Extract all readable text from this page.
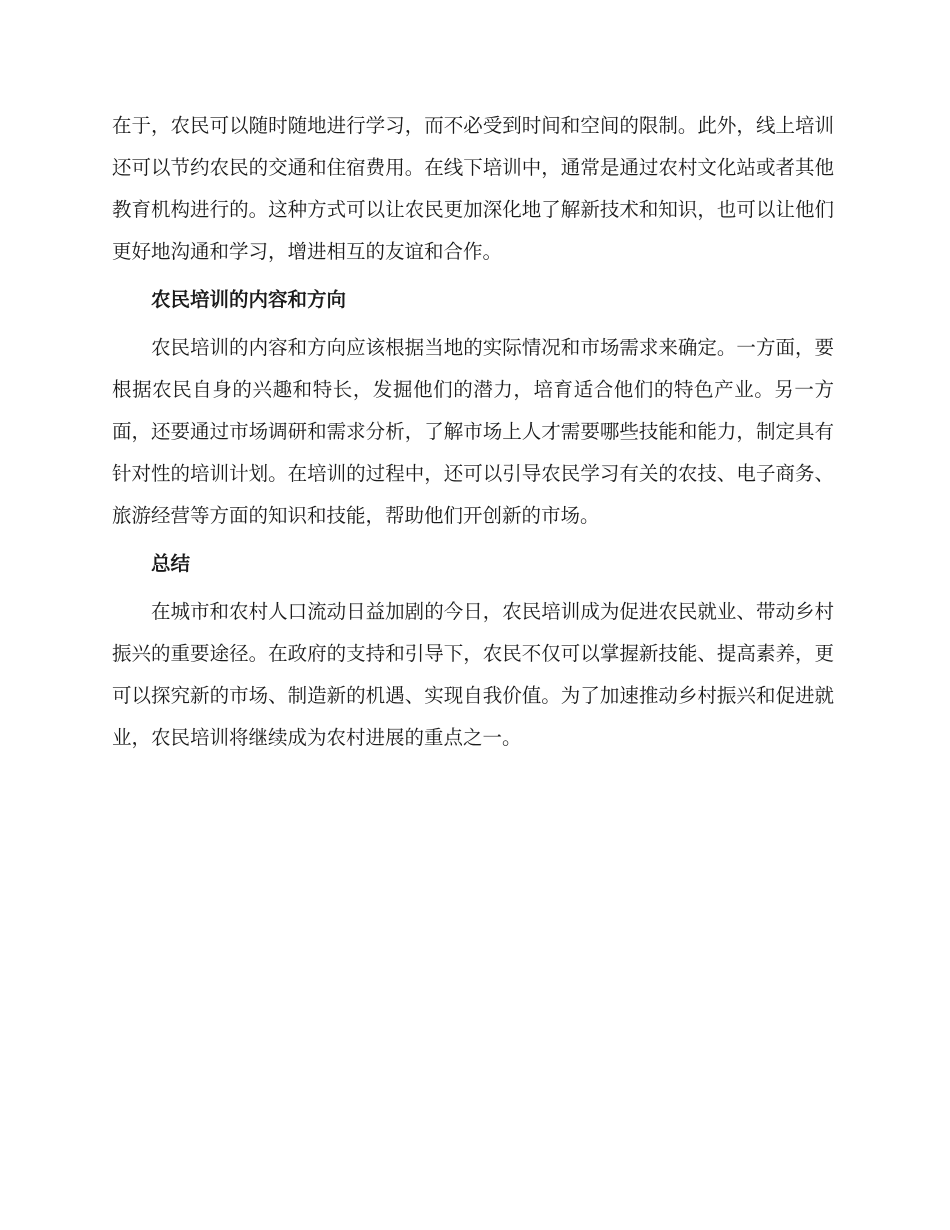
在于，农民可以随时随地进行学习，而不必受到时间和空间的限制。此外，线上培训还可以节约农民的交通和住宿费用。在线下培训中，通常是通过农村文化站或者其他教育机构进行的。这种方式可以让农民更加深化地了解新技术和知识，也可以让他们更好地沟通和学习，增进相互的友谊和合作。

农民培训的内容和方向

农民培训的内容和方向应该根据当地的实际情况和市场需求来确定。一方面，要根据农民自身的兴趣和特长，发掘他们的潜力，培育适合他们的特色产业。另一方面，还要通过市场调研和需求分析，了解市场上人才需要哪些技能和能力，制定具有针对性的培训计划。在培训的过程中，还可以引导农民学习有关的农技、电子商务、旅游经营等方面的知识和技能，帮助他们开创新的市场。

总结

在城市和农村人口流动日益加剧的今日，农民培训成为促进农民就业、带动乡村振兴的重要途径。在政府的支持和引导下，农民不仅可以掌握新技能、提高素养，更可以探究新的市场、制造新的机遇、实现自我价值。为了加速推动乡村振兴和促进就业，农民培训将继续成为农村进展的重点之一。
